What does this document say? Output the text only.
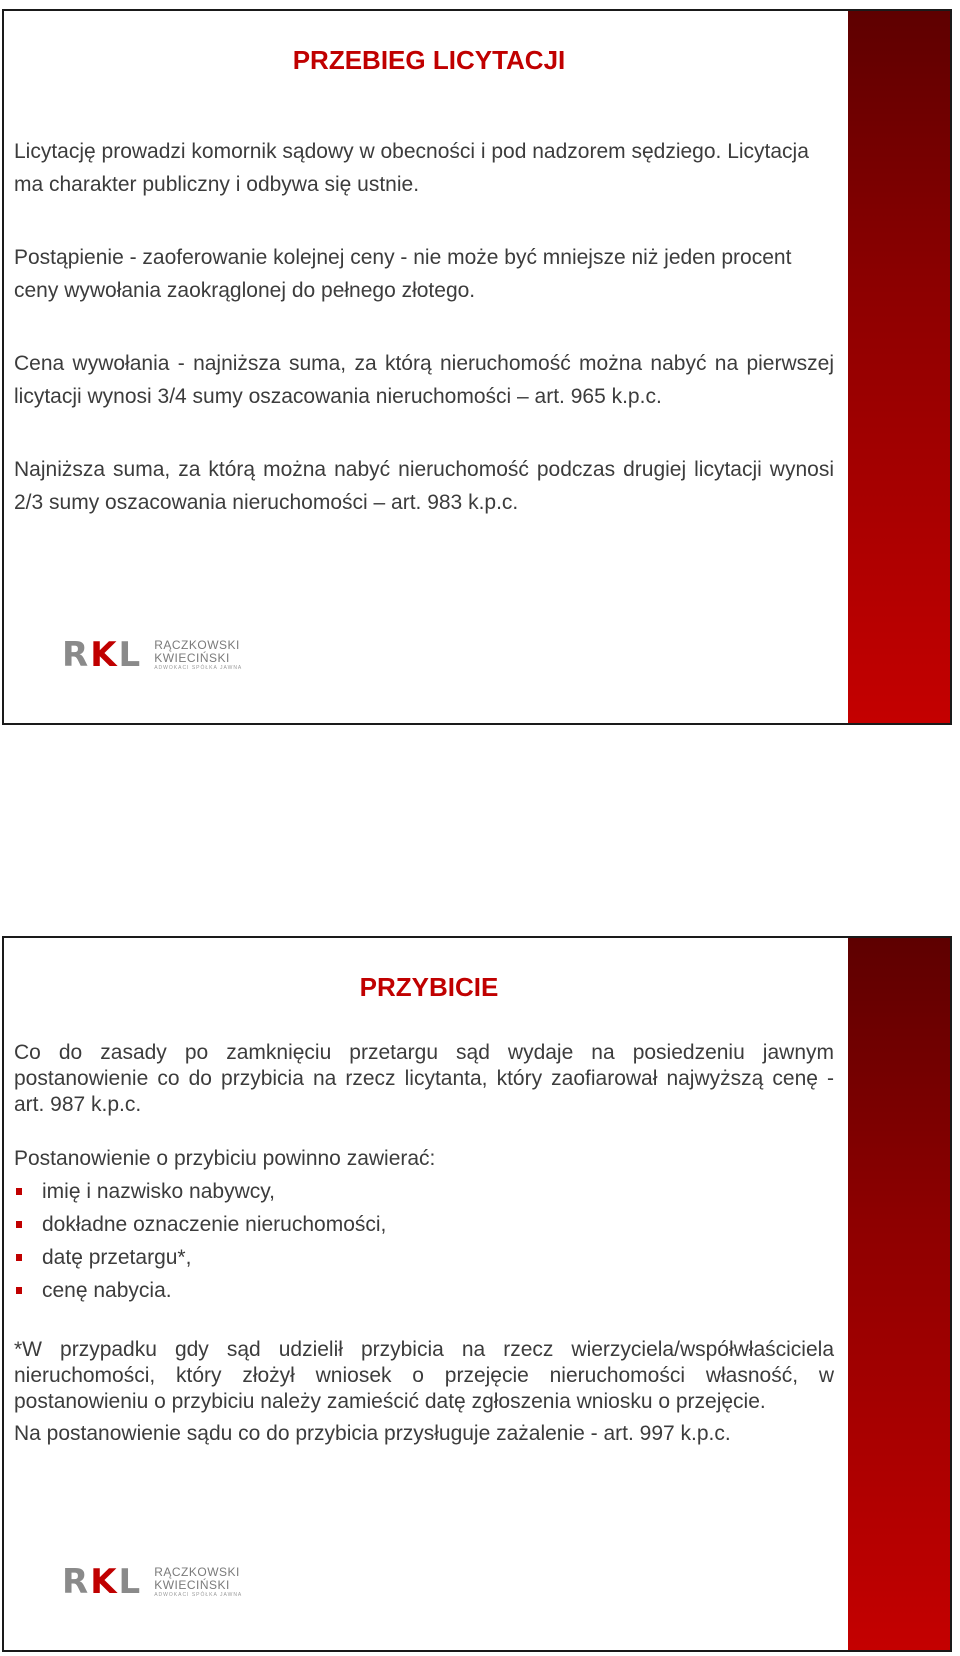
PRZEBIEG LICYTACJI

Licytację prowadzi komornik sądowy w obecności i pod nadzorem sędziego. Licytacja ma charakter publiczny i odbywa się ustnie.

Postąpienie - zaoferowanie kolejnej ceny - nie może być mniejsze niż jeden procent ceny wywołania zaokrąglonej do pełnego złotego.

Cena wywołania - najniższa suma, za którą nieruchomość można nabyć na pierwszej licytacji wynosi 3/4 sumy oszacowania nieruchomości – art. 965 k.p.c.

Najniższa suma, za którą można nabyć nieruchomość podczas drugiej licytacji wynosi 2/3 sumy oszacowania nieruchomości – art. 983 k.p.c.

R K L RĄCZKOWSKI
KWIECIŃSKI
ADWOKACI SPÓŁKA JAWNA
PRZYBICIE

Co do zasady po zamknięciu przetargu sąd wydaje na posiedzeniu jawnym postanowienie co do przybicia na rzecz licytanta, który zaofiarował najwyższą cenę - art. 987 k.p.c.

Postanowienie o przybiciu powinno zawierać:

imię i nazwisko nabywcy,
dokładne oznaczenie nieruchomości,
datę przetargu*,
cenę nabycia.

*W przypadku gdy sąd udzielił przybicia na rzecz wierzyciela/współwłaściciela nieruchomości, który złożył wniosek o przejęcie nieruchomości własność, w postanowieniu o przybiciu należy zamieścić datę zgłoszenia wniosku o przejęcie.

Na postanowienie sądu co do przybicia przysługuje zażalenie - art. 997 k.p.c.

R K L RĄCZKOWSKI
KWIECIŃSKI
ADWOKACI SPÓŁKA JAWNA
